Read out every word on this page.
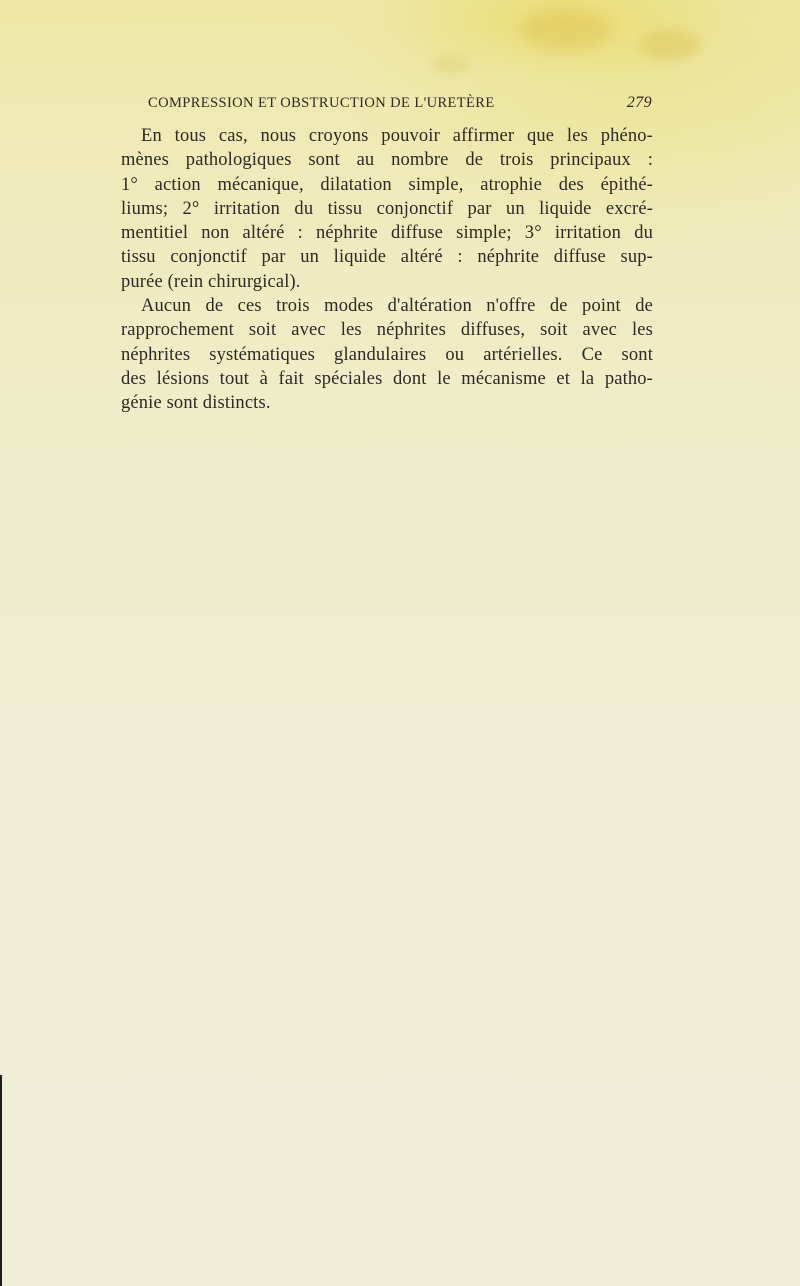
COMPRESSION ET OBSTRUCTION DE L'URETÈRE	279

En tous cas, nous croyons pouvoir affirmer que les phéno-
mènes pathologiques sont au nombre de trois principaux :
1° action mécanique, dilatation simple, atrophie des épithé-
liums; 2° irritation du tissu conjonctif par un liquide excré-
mentitiel non altéré : néphrite diffuse simple; 3° irritation du
tissu conjonctif par un liquide altéré : néphrite diffuse sup-
purée (rein chirurgical).

Aucun de ces trois modes d'altération n'offre de point de
rapprochement soit avec les néphrites diffuses, soit avec les
néphrites systématiques glandulaires ou artérielles. Ce sont
des lésions tout à fait spéciales dont le mécanisme et la patho-
génie sont distincts.
